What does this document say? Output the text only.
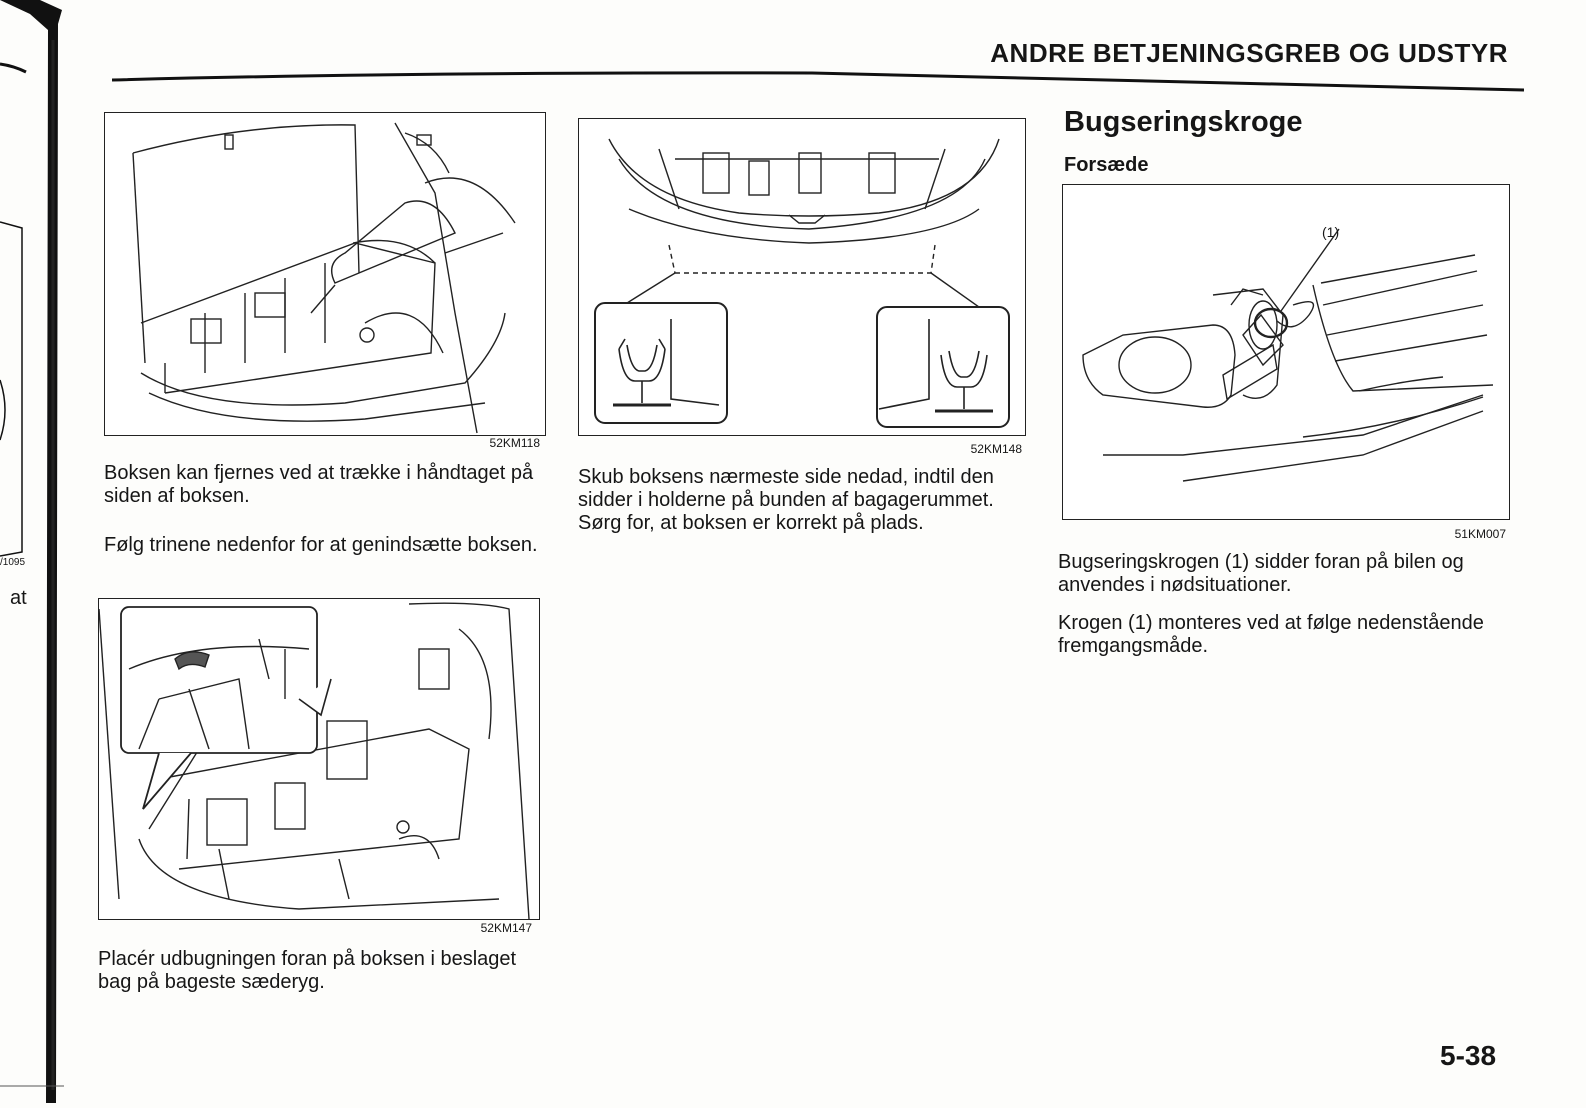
/1095
at
ANDRE BETJENINGSGREB OG UDSTYR
52KM118
Boksen kan fjernes ved at trække i håndtaget på siden af boksen.
Følg trinene nedenfor for at genindsætte boksen.
52KM147
Placér udbugningen foran på boksen i beslaget bag på bageste sæderyg.
52KM148
Skub boksens nærmeste side nedad, indtil den sidder i holderne på bunden af bagagerummet. Sørg for, at boksen er korrekt på plads.
Bugseringskroge
Forsæde
(1)
51KM007
Bugseringskrogen (1) sidder foran på bilen og anvendes i nødsituationer.
Krogen (1) monteres ved at følge nedenstående fremgangsmåde.
5-38
